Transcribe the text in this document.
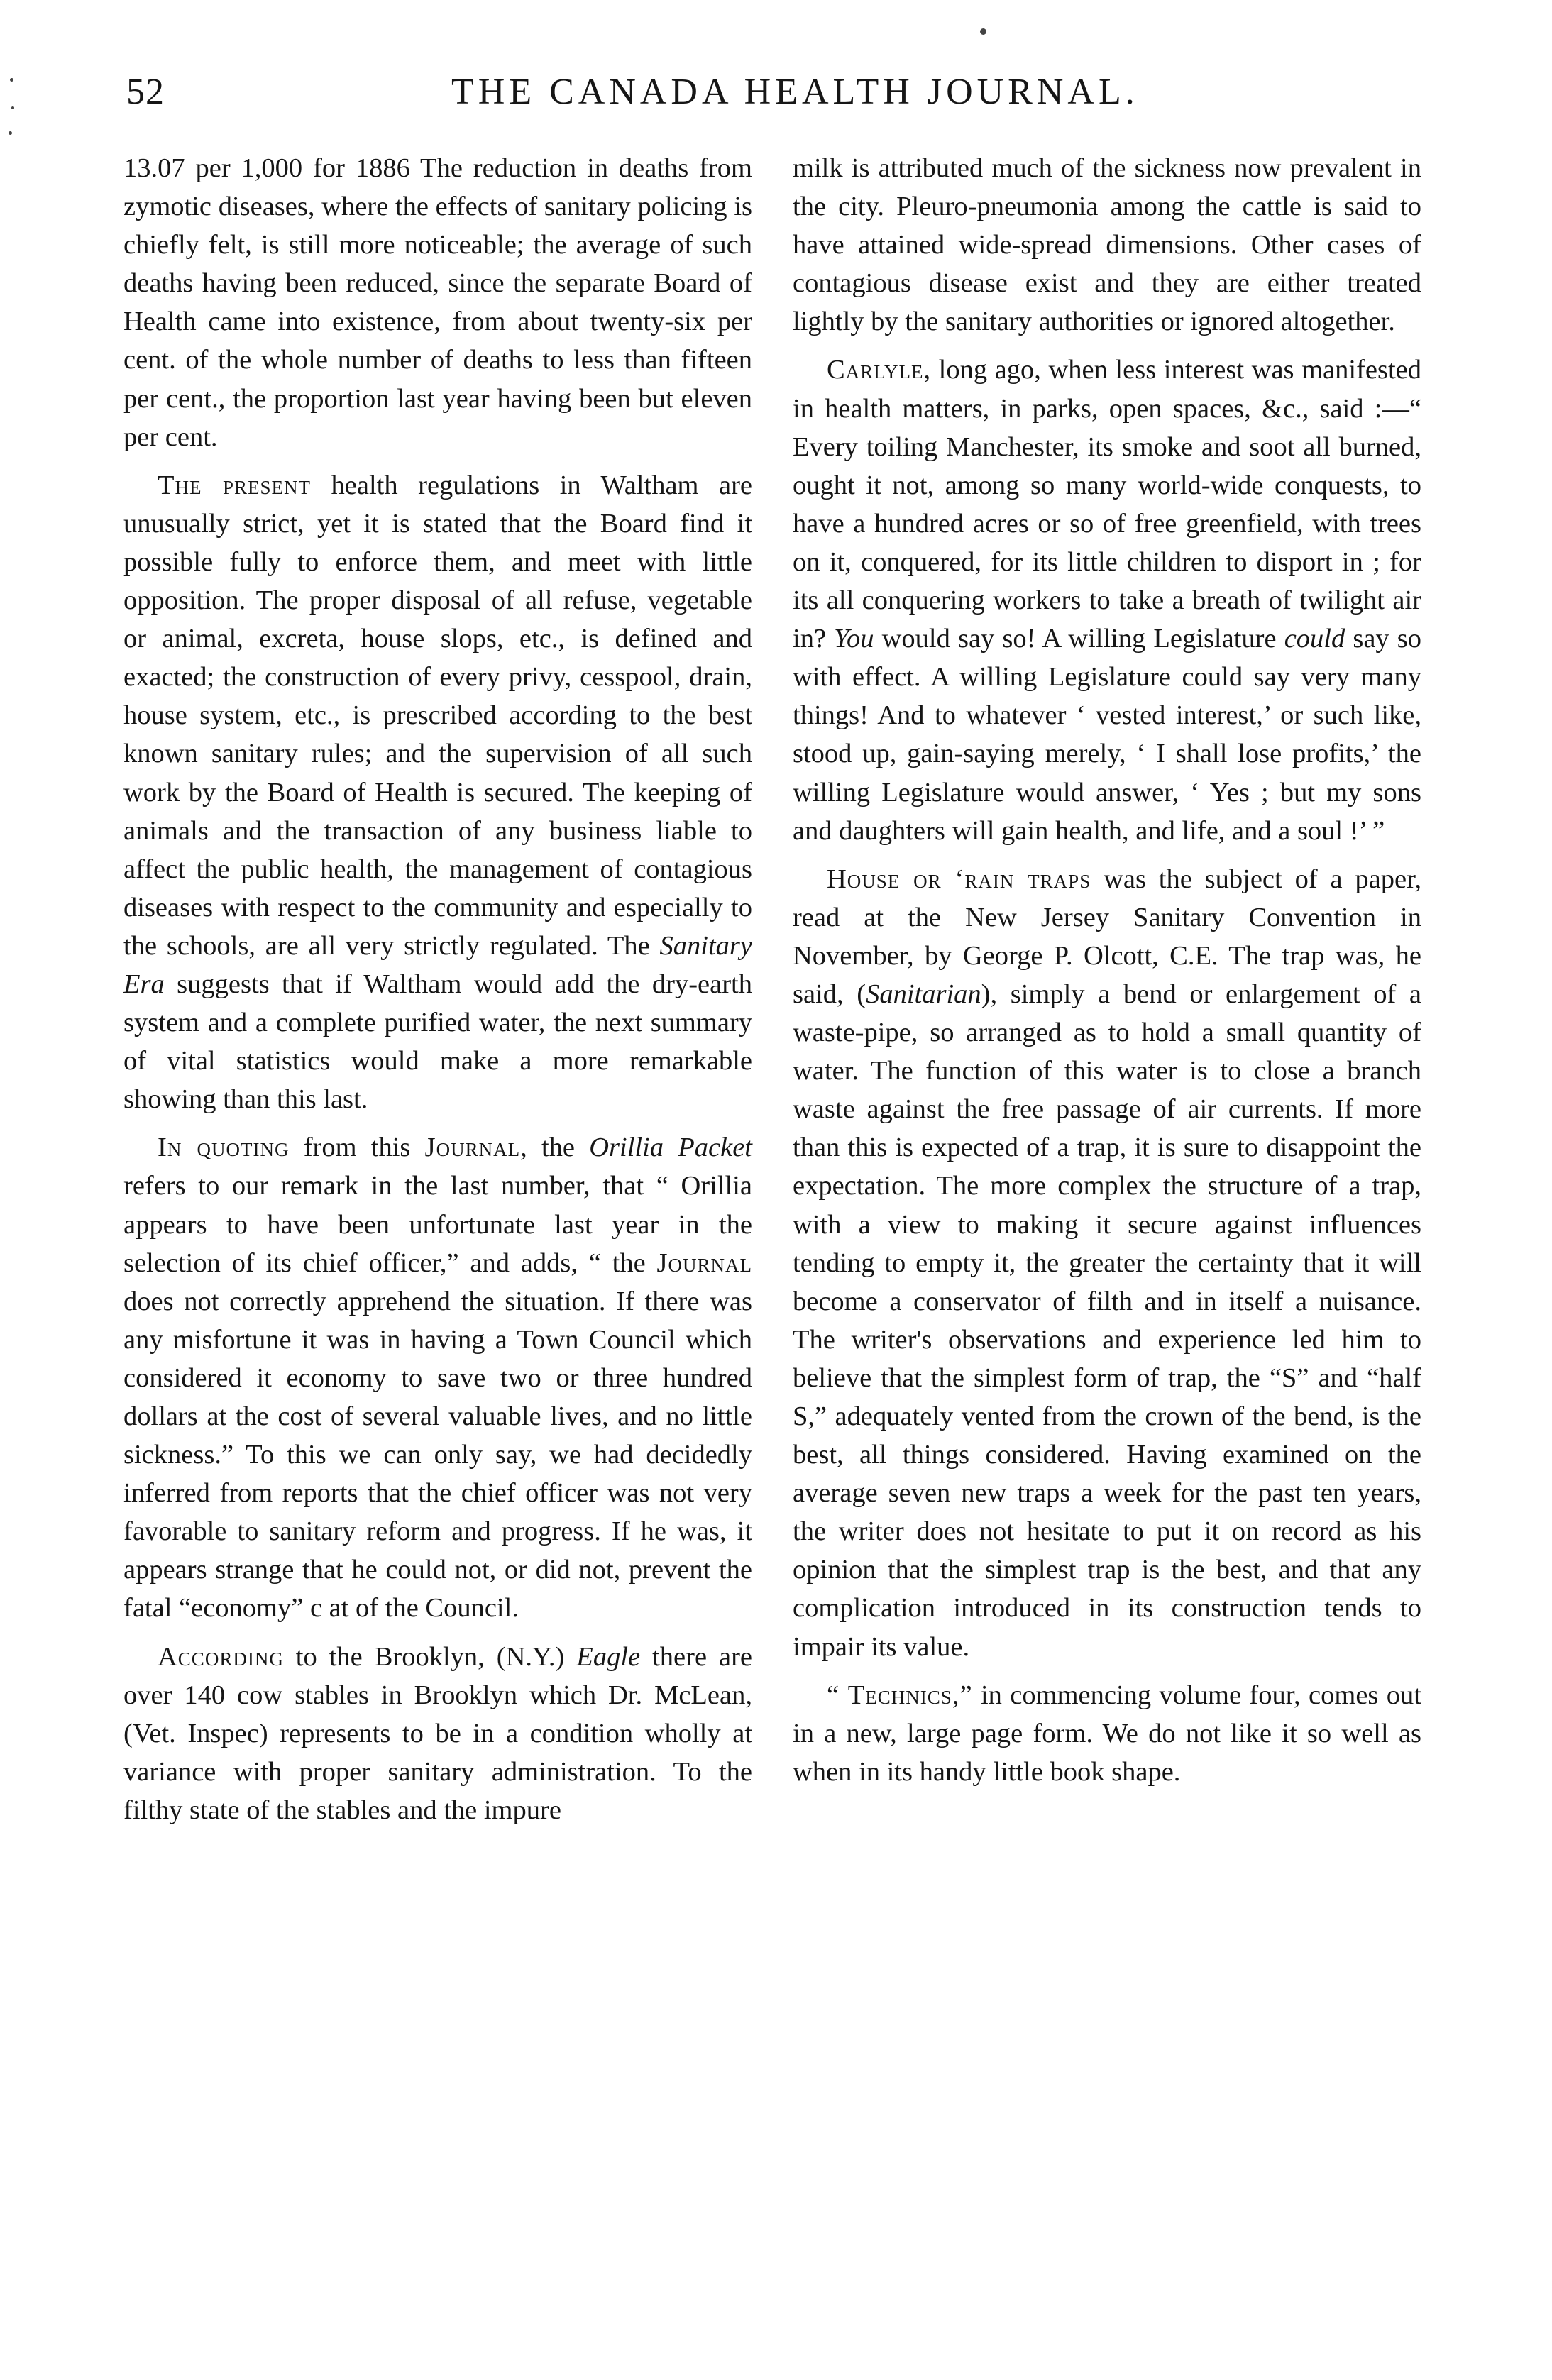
52	THE CANADA HEALTH JOURNAL.

13.07 per 1,000 for 1886 The reduction in deaths from zymotic diseases, where the effects of sanitary policing is chiefly felt, is still more noticeable; the average of such deaths having been reduced, since the separate Board of Health came into existence, from about twenty-six per cent. of the whole number of deaths to less than fifteen per cent., the proportion last year having been but eleven per cent.

The present health regulations in Waltham are unusually strict, yet it is stated that the Board find it possible fully to enforce them, and meet with little opposition. The proper disposal of all refuse, vegetable or animal, excreta, house slops, etc., is defined and exacted; the construction of every privy, cesspool, drain, house system, etc., is prescribed according to the best known sanitary rules; and the supervision of all such work by the Board of Health is secured. The keeping of animals and the transaction of any business liable to affect the public health, the management of contagious diseases with respect to the community and especially to the schools, are all very strictly regulated. The Sanitary Era suggests that if Waltham would add the dry-earth system and a complete purified water, the next summary of vital statistics would make a more remarkable showing than this last.

In quoting from this Journal, the Orillia Packet refers to our remark in the last number, that “ Orillia appears to have been unfortunate last year in the selection of its chief officer,” and adds, “ the Journal does not correctly apprehend the situation. If there was any misfortune it was in having a Town Council which considered it economy to save two or three hundred dollars at the cost of several valuable lives, and no little sickness.” To this we can only say, we had decidedly inferred from reports that the chief officer was not very favorable to sanitary reform and progress. If he was, it appears strange that he could not, or did not, prevent the fatal “economy” c at of the Council.

According to the Brooklyn, (N.Y.) Eagle there are over 140 cow stables in Brooklyn which Dr. McLean, (Vet. Inspec) represents to be in a condition wholly at variance with proper sanitary administration. To the filthy state of the stables and the impure

milk is attributed much of the sickness now prevalent in the city. Pleuro-pneumonia among the cattle is said to have attained wide-spread dimensions. Other cases of contagious disease exist and they are either treated lightly by the sanitary authorities or ignored altogether.

Carlyle, long ago, when less interest was manifested in health matters, in parks, open spaces, &c., said :—“ Every toiling Manchester, its smoke and soot all burned, ought it not, among so many world-wide conquests, to have a hundred acres or so of free greenfield, with trees on it, conquered, for its little children to disport in ; for its all conquering workers to take a breath of twilight air in? You would say so! A willing Legislature could say so with effect. A willing Legislature could say very many things! And to whatever ‘ vested interest,’ or such like, stood up, gain-saying merely, ‘ I shall lose profits,’ the willing Legislature would answer, ‘ Yes ; but my sons and daughters will gain health, and life, and a soul !’ ”

House or ‘rain traps was the subject of a paper, read at the New Jersey Sanitary Convention in November, by George P. Olcott, C.E. The trap was, he said, (Sanitarian), simply a bend or enlargement of a waste-pipe, so arranged as to hold a small quantity of water. The function of this water is to close a branch waste against the free passage of air currents. If more than this is expected of a trap, it is sure to disappoint the expectation. The more complex the structure of a trap, with a view to making it secure against influences tending to empty it, the greater the certainty that it will become a conservator of filth and in itself a nuisance. The writer's observations and experience led him to believe that the simplest form of trap, the “S” and “half S,” adequately vented from the crown of the bend, is the best, all things considered. Having examined on the average seven new traps a week for the past ten years, the writer does not hesitate to put it on record as his opinion that the simplest trap is the best, and that any complication introduced in its construction tends to impair its value.

“ Technics,” in commencing volume four, comes out in a new, large page form. We do not like it so well as when in its handy little book shape.
